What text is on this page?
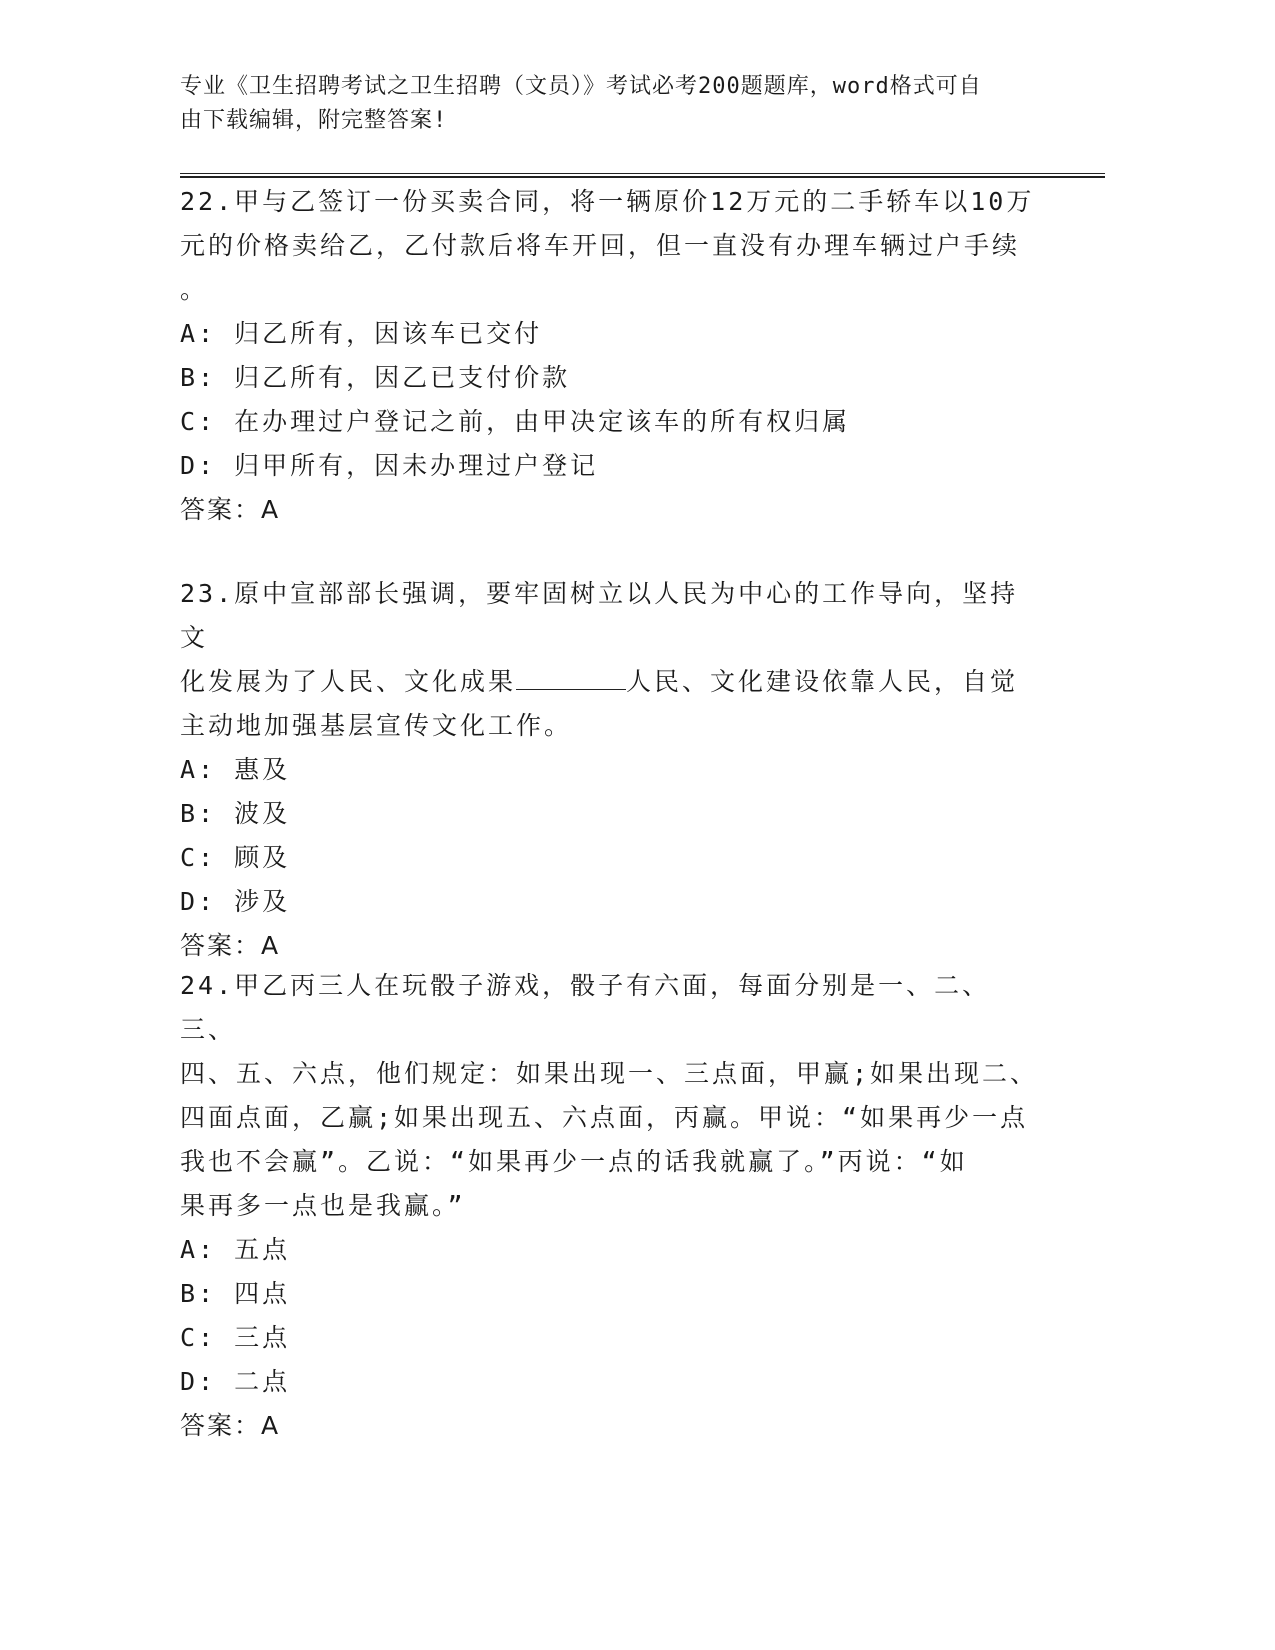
专业《卫生招聘考试之卫生招聘（文员）》考试必考200题题库，word格式可自
由下载编辑，附完整答案!

22.甲与乙签订一份买卖合同，将一辆原价12万元的二手轿车以10万

元的价格卖给乙，乙付款后将车开回，但一直没有办理车辆过户手续

。

A: 归乙所有，因该车已交付

B: 归乙所有，因乙已支付价款

C: 在办理过户登记之前，由甲决定该车的所有权归属

D: 归甲所有，因未办理过户登记

答案：A

23.原中宣部部长强调，要牢固树立以人民为中心的工作导向，坚持文

化发展为了人民、文化成果	人民、文化建设依靠人民，自觉

主动地加强基层宣传文化工作。

A: 惠及

B: 波及

C: 顾及

D: 涉及

答案：A

24.甲乙丙三人在玩骰子游戏，骰子有六面，每面分别是一、二、三、

四、五、六点，他们规定：如果出现一、三点面，甲赢;如果出现二、

四面点面，乙赢;如果出现五、六点面，丙赢。甲说：“如果再少一点

我也不会赢”。乙说：“如果再少一点的话我就赢了。”丙说：“如

果再多一点也是我赢。”

A: 五点

B: 四点

C: 三点

D: 二点

答案：A
